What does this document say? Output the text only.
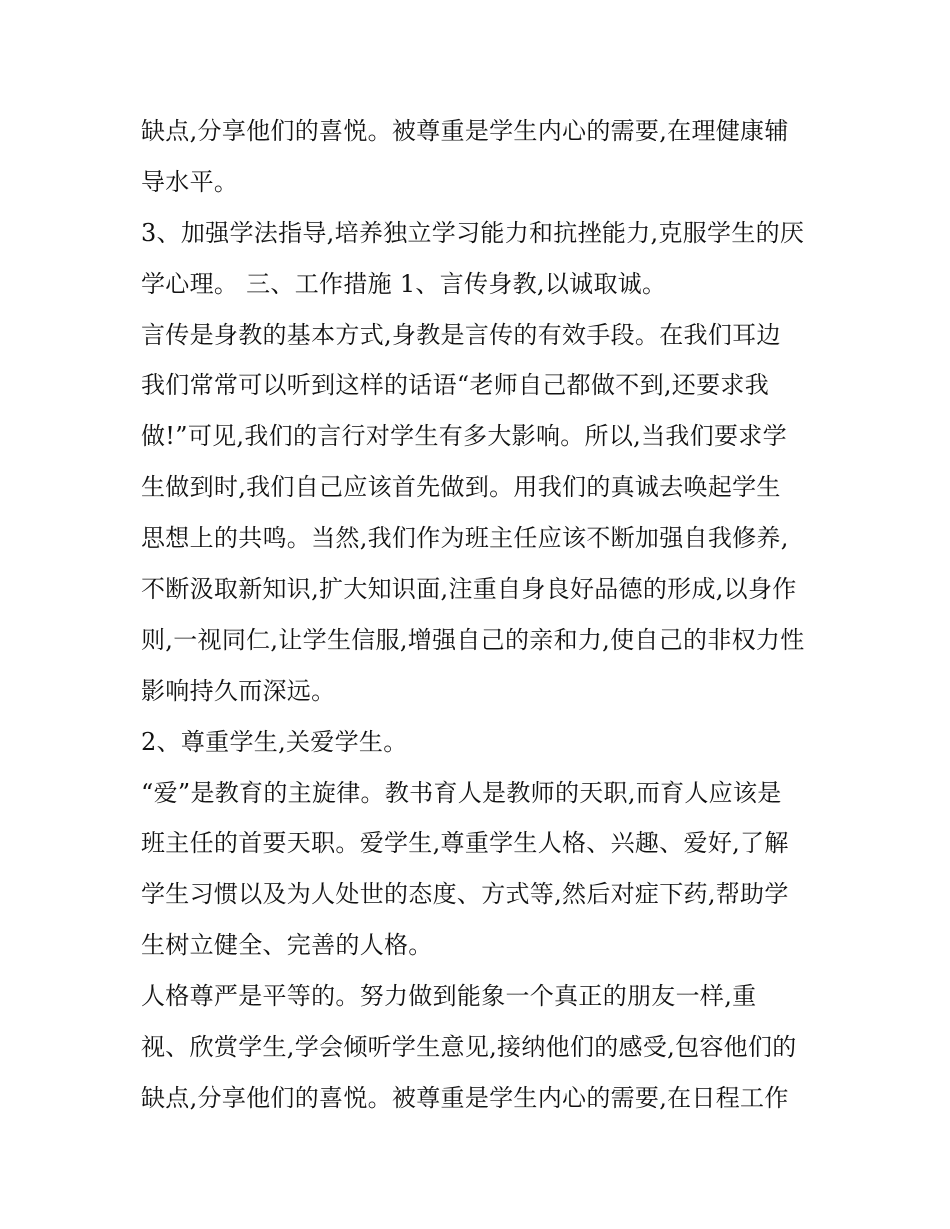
缺点,分享他们的喜悦。被尊重是学生内心的需要,在理健康辅
导水平。
3、加强学法指导,培养独立学习能力和抗挫能力,克服学生的厌
学心理。 三、工作措施 1、言传身教,以诚取诚。
言传是身教的基本方式,身教是言传的有效手段。在我们耳边
我们常常可以听到这样的话语“老师自己都做不到,还要求我
做!”可见,我们的言行对学生有多大影响。所以,当我们要求学
生做到时,我们自己应该首先做到。用我们的真诚去唤起学生
思想上的共鸣。当然,我们作为班主任应该不断加强自我修养,
不断汲取新知识,扩大知识面,注重自身良好品德的形成,以身作
则,一视同仁,让学生信服,增强自己的亲和力,使自己的非权力性
影响持久而深远。
2、尊重学生,关爱学生。
“爱”是教育的主旋律。教书育人是教师的天职,而育人应该是
班主任的首要天职。爱学生,尊重学生人格、兴趣、爱好,了解
学生习惯以及为人处世的态度、方式等,然后对症下药,帮助学
生树立健全、完善的人格。
人格尊严是平等的。努力做到能象一个真正的朋友一样,重
视、欣赏学生,学会倾听学生意见,接纳他们的感受,包容他们的
缺点,分享他们的喜悦。被尊重是学生内心的需要,在日程工作
